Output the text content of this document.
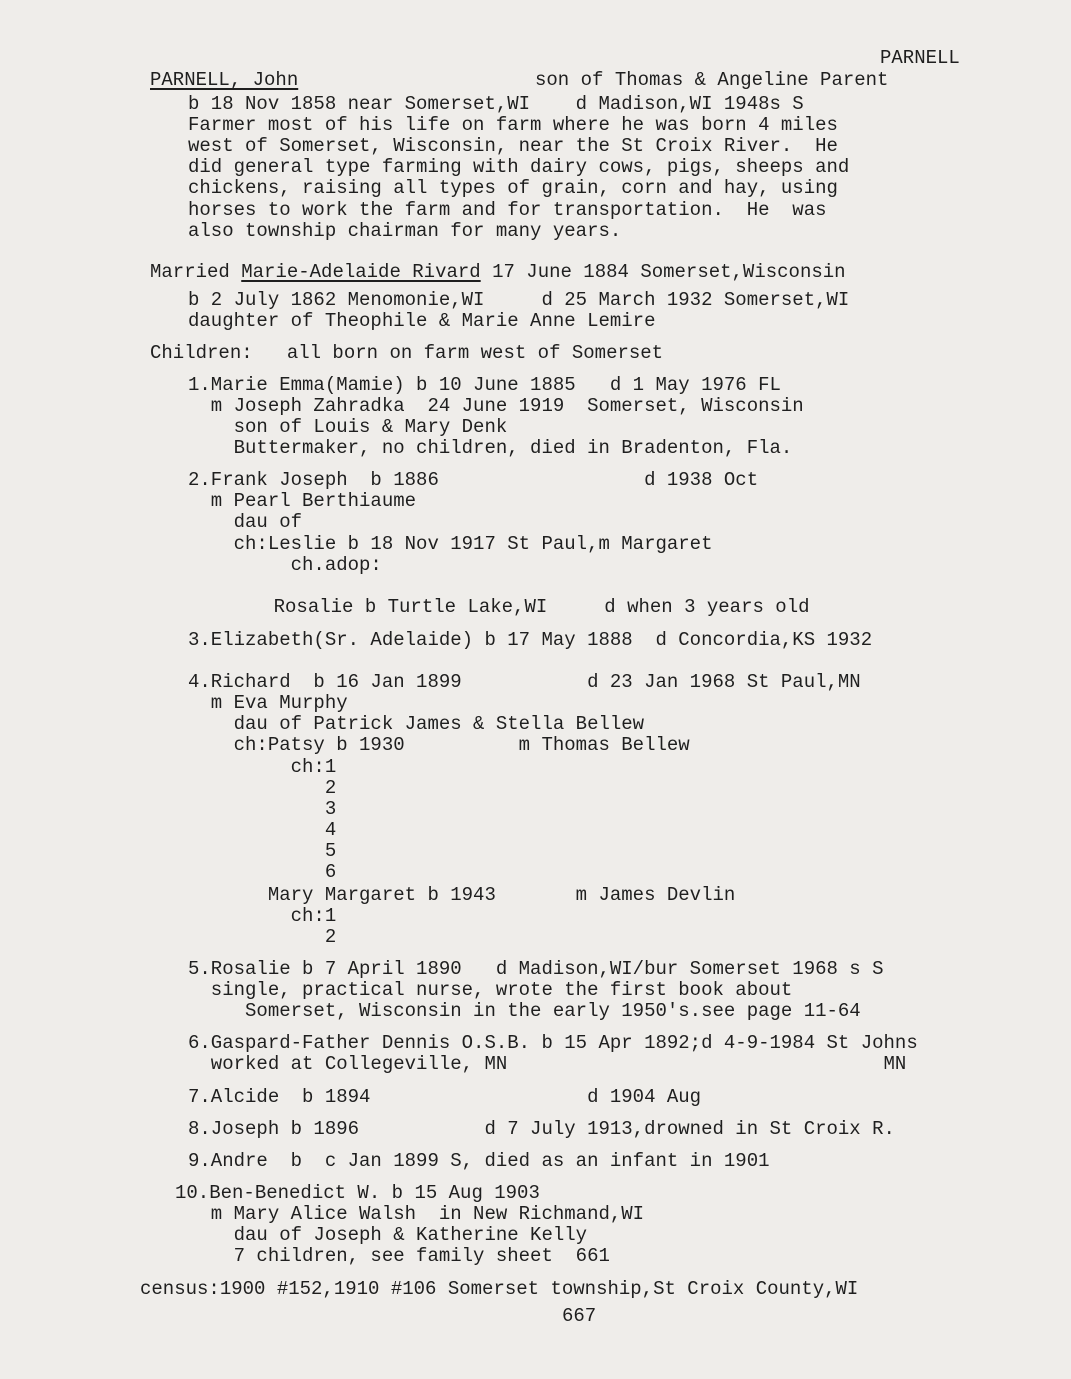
PARNELL
PARNELL, John	son of Thomas & Angeline Parent
b 18 Nov 1858 near Somerset,WI    d Madison,WI 1948s S
Farmer most of his life on farm where he was born 4 miles
west of Somerset, Wisconsin, near the St Croix River.  He
did general type farming with dairy cows, pigs, sheeps and
chickens, raising all types of grain, corn and hay, using
horses to work the farm and for transportation.  He  was
also township chairman for many years.
Married Marie-Adelaide Rivard 17 June 1884 Somerset,Wisconsin
b 2 July 1862 Menomonie,WI     d 25 March 1932 Somerset,WI
daughter of Theophile & Marie Anne Lemire
Children:   all born on farm west of Somerset
1.Marie Emma(Mamie) b 10 June 1885   d 1 May 1976 FL
m Joseph Zahradka  24 June 1919  Somerset, Wisconsin
son of Louis & Mary Denk
Buttermaker, no children, died in Bradenton, Fla.
2.Frank Joseph  b 1886                  d 1938 Oct
m Pearl Berthiaume
dau of
ch:Leslie b 18 Nov 1917 St Paul,m Margaret
ch.adop:
Rosalie b Turtle Lake,WI     d when 3 years old
3.Elizabeth(Sr. Adelaide) b 17 May 1888  d Concordia,KS 1932
4.Richard  b 16 Jan 1899           d 23 Jan 1968 St Paul,MN
m Eva Murphy
dau of Patrick James & Stella Bellew
ch:Patsy b 1930          m Thomas Bellew
ch:1
2
3
4
5
6
Mary Margaret b 1943       m James Devlin
ch:1
2
5.Rosalie b 7 April 1890   d Madison,WI/bur Somerset 1968 s S
single, practical nurse, wrote the first book about
Somerset, Wisconsin in the early 1950's.see page 11-64
6.Gaspard-Father Dennis O.S.B. b 15 Apr 1892;d 4-9-1984 St Johns
worked at Collegeville, MN                                 MN
7.Alcide  b 1894                   d 1904 Aug
8.Joseph b 1896           d 7 July 1913,drowned in St Croix R.
9.Andre  b  c Jan 1899 S, died as an infant in 1901
10.Ben-Benedict W. b 15 Aug 1903
m Mary Alice Walsh  in New Richmand,WI
dau of Joseph & Katherine Kelly
7 children, see family sheet  661
census:1900 #152,1910 #106 Somerset township,St Croix County,WI
667
